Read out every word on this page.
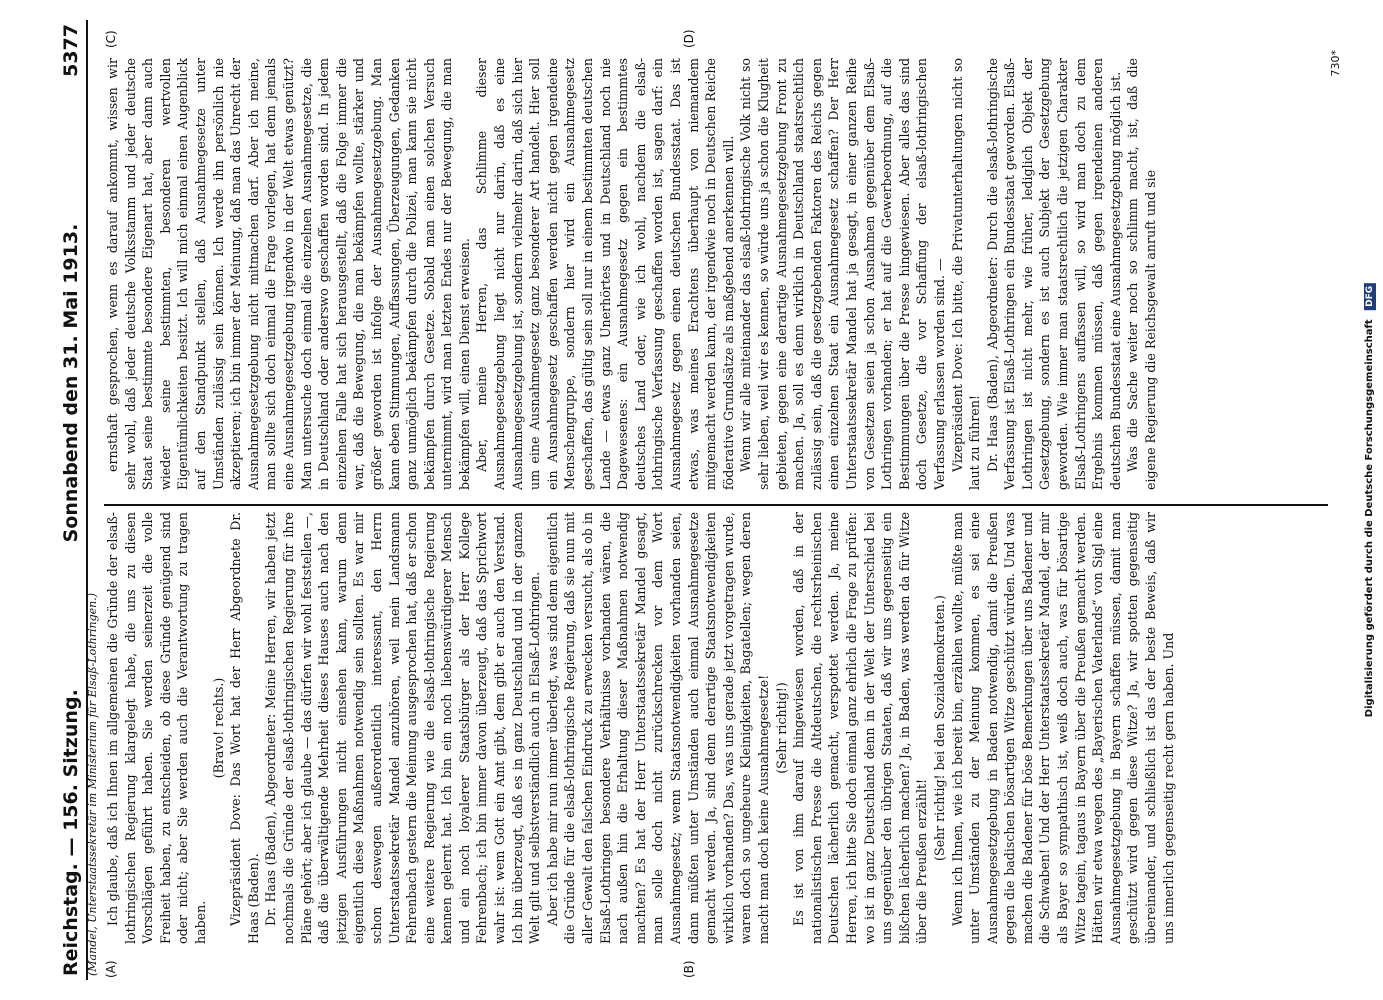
Reichstag. — 156. Sitzung.
Sonnabend den 31. Mai 1913.
5377
(Mandel, Unterstaatssekretär im Ministerium für Elsaß-Lothringen.) (A)	(B)
(C)	(D)

Ich glaube, daß ich Ihnen im allgemeinen die Gründe der elsaß-lothringischen Regierung klargelegt habe, die uns zu diesen Vorschlägen geführt haben. Sie werden seinerzeit die volle Freiheit haben, zu entscheiden, ob diese Gründe genügend sind oder nicht; aber Sie werden auch die Verantwortung zu tragen haben.

(Bravo! rechts.) Vizepräsident Dove: Das Wort hat der Herr Abgeordnete Dr. Haas (Baden). Dr. Haas (Baden), Abgeordneter: Meine Herren, wir haben jetzt nochmals die Gründe der elsaß-lothringischen Regierung für ihre Pläne gehört; aber ich glaube — das dürfen wir wohl feststellen —, daß die überwältigende Mehrheit dieses Hauses auch nach den jetzigen Ausführungen nicht einsehen kann, warum denn eigentlich diese Maßnahmen notwendig sein sollten. Es war mir schon deswegen außerordentlich interessant, den Herrn Unterstaatssekretär Mandel anzuhören, weil mein Landsmann Fehrenbach gestern die Meinung ausgesprochen hat, daß er schon eine weitere Regierung wie die elsaß-lothringische Regierung kennen gelernt hat. Ich bin ein noch liebenswürdigerer Mensch und ein noch loyalerer Staatsbürger als der Herr Kollege Fehrenbach; ich bin immer davon überzeugt, daß das Sprichwort wahr ist: wem Gott ein Amt gibt, dem gibt er auch den Verstand. Ich bin überzeugt, daß es in ganz Deutschland und in der ganzen Welt gilt und selbstverständlich auch in Elsaß-Lothringen. Aber ich habe mir nun immer überlegt, was sind denn eigentlich die Gründe für die elsaß-lothringische Regierung, daß sie nun mit aller Gewalt den falschen Eindruck zu erwecken versucht, als ob in Elsaß-Lothringen besondere Verhältnisse vorhanden wären, die nach außen hin die Erhaltung dieser Maßnahmen notwendig machten? Es hat der Herr Unterstaatssekretär Mandel gesagt, man solle doch nicht zurückschrecken vor dem Wort Ausnahmegesetz; wenn Staatsnotwendigkeiten vorhanden seien, dann müßten unter Umständen auch einmal Ausnahmegesetze gemacht werden. Ja, sind denn derartige Staatsnotwendigkeiten wirklich vorhanden? Das, was uns gerade jetzt vorgetragen wurde, waren doch so ungeheure Kleinigkeiten, Bagatellen; wegen deren macht man doch keine Ausnahmegesetze! (Sehr richtig!) Es ist von ihm darauf hingewiesen worden, daß in der nationalistischen Presse die Altdeutschen, die rechtsrheinischen Deutschen lächerlich gemacht, verspottet werden. Ja, meine Herren, ich bitte Sie doch einmal ganz ehrlich die Frage zu prüfen: wo ist in ganz Deutschland denn in der Welt der Unterschied bei uns gegenüber den übrigen Staaten, daß wir uns gegenseitig ein bißchen lächerlich machen? Ja, in Baden, was werden da für Witze über die Preußen erzählt!

(Sehr richtig! bei den Sozialdemokraten.) Wenn ich Ihnen, wie ich bereit bin, erzählen wollte, müßte man unter Umständen zu der Meinung kommen, es sei eine Ausnahmegesetzgebung in Baden notwendig, damit die Preußen gegen die badischen bösartigen Witze geschützt würden. Und was machen die Badener für böse Bemerkungen über uns Badener und die Schwaben! Und der Herr Unterstaatssekretär Mandel, der mir als Bayer so sympathisch ist, weiß doch auch, was für bösartige Witze tagein, tagaus in Bayern über die Preußen gemacht werden. Hätten wir etwa wegen des „Bayerischen Vaterlands“ von Sigl eine Ausnahmegesetzgebung in Bayern schaffen müssen, damit man geschützt wird gegen diese Witze? Ja, wir spotten gegenseitig übereinander, und schließlich ist das der beste Beweis, daß wir uns innerlich gegenseitig recht gern haben. Und

ernsthaft gesprochen, wenn es darauf ankommt, wissen wir sehr wohl, daß jeder deutsche Volksstamm und jeder deutsche Staat seine bestimmte besondere Eigenart hat, aber dann auch wieder seine bestimmten, besonderen wertvollen Eigentümlichkeiten besitzt. Ich will mich einmal einen Augenblick auf den Standpunkt stellen, daß Ausnahmegesetze unter Umständen zulässig sein können. Ich werde ihn persönlich nie akzeptieren; ich bin immer der Meinung, daß man das Unrecht der Ausnahmegesetzgebung nicht mitmachen darf. Aber ich meine, man sollte sich doch einmal die Frage vorlegen, hat denn jemals eine Ausnahmegesetzgebung irgendwo in der Welt etwas genützt? Man untersuche doch einmal die einzelnen Ausnahmegesetze, die in Deutschland oder anderswo geschaffen worden sind. In jedem einzelnen Falle hat sich herausgestellt, daß die Folge immer die war, daß die Bewegung, die man bekämpfen wollte, stärker und größer geworden ist infolge der Ausnahmegesetzgebung. Man kann eben Stimmungen, Auffassungen, Überzeugungen, Gedanken ganz unmöglich bekämpfen durch die Polizei, man kann sie nicht bekämpfen durch Gesetze. Sobald man einen solchen Versuch unternimmt, wird man letzten Endes nur der Bewegung, die man bekämpfen will, einen Dienst erweisen. Aber, meine Herren, das Schlimme dieser Ausnahmegesetzgebung liegt nicht nur darin, daß es eine Ausnahmegesetzgebung ist, sondern vielmehr darin, daß sich hier um eine Ausnahmegesetz ganz besonderer Art handelt. Hier soll ein Ausnahmegesetz geschaffen werden nicht gegen irgendeine Menschengruppe, sondern hier wird ein Ausnahmegesetz geschaffen, das gültig sein soll nur in einem bestimmten deutschen Lande — etwas ganz Unerhörtes und in Deutschland noch nie Dagewesenes: ein Ausnahmegesetz gegen ein bestimmtes deutsches Land oder, wie ich wohl, nachdem die elsaß-lothringische Verfassung geschaffen worden ist, sagen darf: ein Ausnahmegesetz gegen einen deutschen Bundesstaat. Das ist etwas, was meines Erachtens überhaupt von niemandem mitgemacht werden kann, der irgendwie noch in Deutschen Reiche föderative Grundsätze als maßgebend anerkennen will. Wenn wir alle miteinander das elsaß-lothringische Volk nicht so sehr lieben, weil wir es kennen, so würde uns ja schon die Klugheit gebieten, gegen eine derartige Ausnahmegesetzgebung Front zu machen. Ja, soll es denn wirklich in Deutschland staatsrechtlich zulässig sein, daß die gesetzgebenden Faktoren des Reichs gegen einen einzelnen Staat ein Ausnahmegesetz schaffen? Der Herr Unterstaatssekretär Mandel hat ja gesagt, in einer ganzen Reihe von Gesetzen seien ja schon Ausnahmen gegenüber dem Elsaß-Lothringen vorhanden; er hat auf die Gewerbeordnung, auf die Bestimmungen über die Presse hingewiesen. Aber alles das sind doch Gesetze, die vor Schaffung der elsaß-lothringischen Verfassung erlassen worden sind. — Vizepräsident Dove: Ich bitte, die Privatunterhaltungen nicht so laut zu führen! Dr. Haas (Baden), Abgeordneter: Durch die elsaß-lothringische Verfassung ist Elsaß-Lothringen ein Bundesstaat geworden. Elsaß-Lothringen ist nicht mehr, wie früher, lediglich Objekt der Gesetzgebung, sondern es ist auch Subjekt der Gesetzgebung geworden. Wie immer man staatsrechtlich die jetzigen Charakter Elsaß-Lothringens auffassen will, so wird man doch zu dem Ergebnis kommen müssen, daß gegen irgendeinen anderen deutschen Bundesstaat eine Ausnahmegesetzgebung möglich ist. Was die Sache weiter noch so schlimm macht, ist, daß die eigene Regierung die Reichsgewalt anruft und sie

730*
Digitalisierung gefördert durch die Deutsche Forschungsgemeinschaft DFG
